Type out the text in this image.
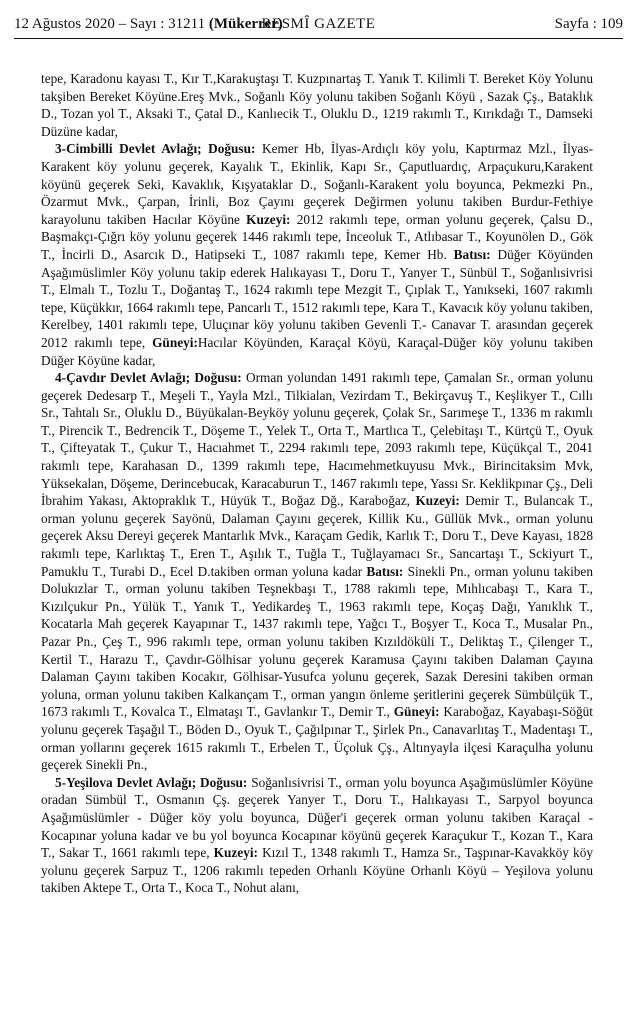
12 Ağustos 2020 – Sayı : 31211 (Mükerrer)
RESMÎ GAZETE	Sayfa : 109

tepe, Karadonu kayası T., Kır T.,Karakuştaşı T. Kuzpınartaş T. Yanık T. Kilimli T. Bereket Köy Yolunu takşiben Bereket Köyüne.Ereş Mvk., Soğanlı Köy yolunu takiben Soğanlı Köyü , Sazak Çş., Bataklık D., Tozan yol T., Aksaki T., Çatal D., Kanlıecik T., Oluklu D., 1219 rakımlı T., Kırıkdağı T., Damseki Düzüne kadar,

3-Cimbilli Devlet Avlağı; Doğusu: Kemer Hb, İlyas-Ardıçlı köy yolu, Kaptırmaz Mzl., İlyas-Karakent köy yolunu geçerek, Kayalık T., Ekinlik, Kapı Sr., Çaputluardıç, Arpaçukuru,Karakent köyünü geçerek Seki, Kavaklık, Kışyataklar D., Soğanlı-Karakent yolu boyunca, Pekmezki Pn., Özarmut Mvk., Çarpan, İrinli, Boz Çayını geçerek Değirmen yolunu takiben Burdur-Fethiye karayolunu takiben Hacılar Köyüne Kuzeyi: 2012 rakımlı tepe, orman yolunu geçerek, Çalsu D., Başmakçı-Çığrı köy yolunu geçerek 1446 rakımlı tepe, İnceoluk T., Atlıbasar T., Koyunölen D., Gök T., İncirli D., Asarcık D., Hatipseki T., 1087 rakımlı tepe, Kemer Hb. Batısı: Düğer Köyünden Aşağımüslimler Köy yolunu takip ederek Halıkayası T., Doru T., Yanyer T., Sünbül T., Soğanlısivrisi T., Elmalı T., Tozlu T., Doğantaş T., 1624 rakımlı tepe Mezgit T., Çıplak T., Yanıkseki, 1607 rakımlı tepe, Küçükkır, 1664 rakımlı tepe, Pancarlı T., 1512 rakımlı tepe, Kara T., Kavacık köy yolunu takiben, Kerelbey, 1401 rakımlı tepe, Uluçınar köy yolunu takiben Gevenli T.- Canavar T. arasından geçerek 2012 rakımlı tepe, Güneyi:Hacılar Köyünden, Karaçal Köyü, Karaçal-Düğer köy yolunu takiben Düğer Köyüne kadar,

4-Çavdır Devlet Avlağı; Doğusu: Orman yolundan 1491 rakımlı tepe, Çamalan Sr., orman yolunu geçerek Dedesarp T., Meşeli T., Yayla Mzl., Tilkialan, Vezirdam T., Bekirçavuş T., Keşlikyer T., Cıllı Sr., Tahtalı Sr., Oluklu D., Büyükalan-Beyköy yolunu geçerek, Çolak Sr., Sarımeşe T., 1336 m rakımlı T., Pirencik T., Bedrencik T., Döşeme T., Yelek T., Orta T., Martlıca T., Çelebitaşı T., Kürtçü T., Oyuk T., Çifteyatak T., Çukur T., Hacıahmet T., 2294 rakımlı tepe, 2093 rakımlı tepe, Küçükçal T., 2041 rakımlı tepe, Karahasan D., 1399 rakımlı tepe, Hacımehmetkuyusu Mvk., Birincitaksim Mvk, Yüksekalan, Döşeme, Derincebucak, Karacaburun T., 1467 rakımlı tepe, Yassı Sr. Keklikpınar Çş., Deli İbrahim Yakası, Aktopraklık T., Hüyük T., Boğaz Dğ., Karaboğaz, Kuzeyi: Demir T., Bulancak T., orman yolunu geçerek Sayönü, Dalaman Çayını geçerek, Killik Ku., Güllük Mvk., orman yolunu geçerek Aksu Dereyi geçerek Mantarlık Mvk., Karaçam Gedik, Karlık T:, Doru T., Deve Kayası, 1828 rakımlı tepe, Karlıktaş T., Eren T., Aşılık T., Tuğla T., Tuğlayamacı Sr., Sancartaşı T., Sckiyurt T., Pamuklu T., Turabi D., Ecel D.takiben orman yoluna kadar Batısı: Sinekli Pn., orman yolunu takiben Dolukızlar T., orman yolunu takiben Teşnekbaşı T., 1788 rakımlı tepe, Mıhlıcabaşı T., Kara T., Kızılçukur Pn., Yülük T., Yanık T., Yedikardeş T., 1963 rakımlı tepe, Koçaş Dağı, Yanıklık T., Kocatarla Mah geçerek Kayapınar T., 1437 rakımlı tepe, Yağcı T., Boşyer T., Koca T., Musalar Pn., Pazar Pn., Çeş T., 996 rakımlı tepe, orman yolunu takiben Kızıldöküli T., Deliktaş T., Çilenger T., Kertil T., Harazu T., Çavdır-Gölhisar yolunu geçerek Karamusa Çayını takiben Dalaman Çayına Dalaman Çayını takiben Kocakır, Gölhisar-Yusufca yolunu geçerek, Sazak Deresini takiben orman yoluna, orman yolunu takiben Kalkançam T., orman yangın önleme şeritlerini geçerek Sümbülçük T., 1673 rakımlı T., Kovalca T., Elmataşı T., Gavlankır T., Demir T., Güneyi: Karaboğaz, Kayabaşı-Söğüt yolunu geçerek Taşağıl T., Böden D., Oyuk T., Çağılpınar T., Şirlek Pn., Canavarlıtaş T., Madentaşı T., orman yollarını geçerek 1615 rakımlı T., Erbelen T., Üçoluk Çş., Altınyayla ilçesi Karaçulha yolunu geçerek Sinekli Pn.,

5-Yeşilova Devlet Avlağı; Doğusu: Soğanlısivrisi T., orman yolu boyunca Aşağımüslümler Köyüne oradan Sümbül T., Osmanın Çş. geçerek Yanyer T., Doru T., Halıkayası T., Sarpyol boyunca Aşağımüslümler - Düğer köy yolu boyunca, Düğer'i geçerek orman yolunu takiben Karaçal - Kocapınar yoluna kadar ve bu yol boyunca Kocapınar köyünü geçerek Karaçukur T., Kozan T., Kara T., Sakar T., 1661 rakımlı tepe, Kuzeyi: Kızıl T., 1348 rakımlı T., Hamza Sr., Taşpınar-Kavakköy köy yolunu geçerek Sarpuz T., 1206 rakımlı tepeden Orhanlı Köyüne Orhanlı Köyü – Yeşilova yolunu takiben Aktepe T., Orta T., Koca T., Nohut alanı,
